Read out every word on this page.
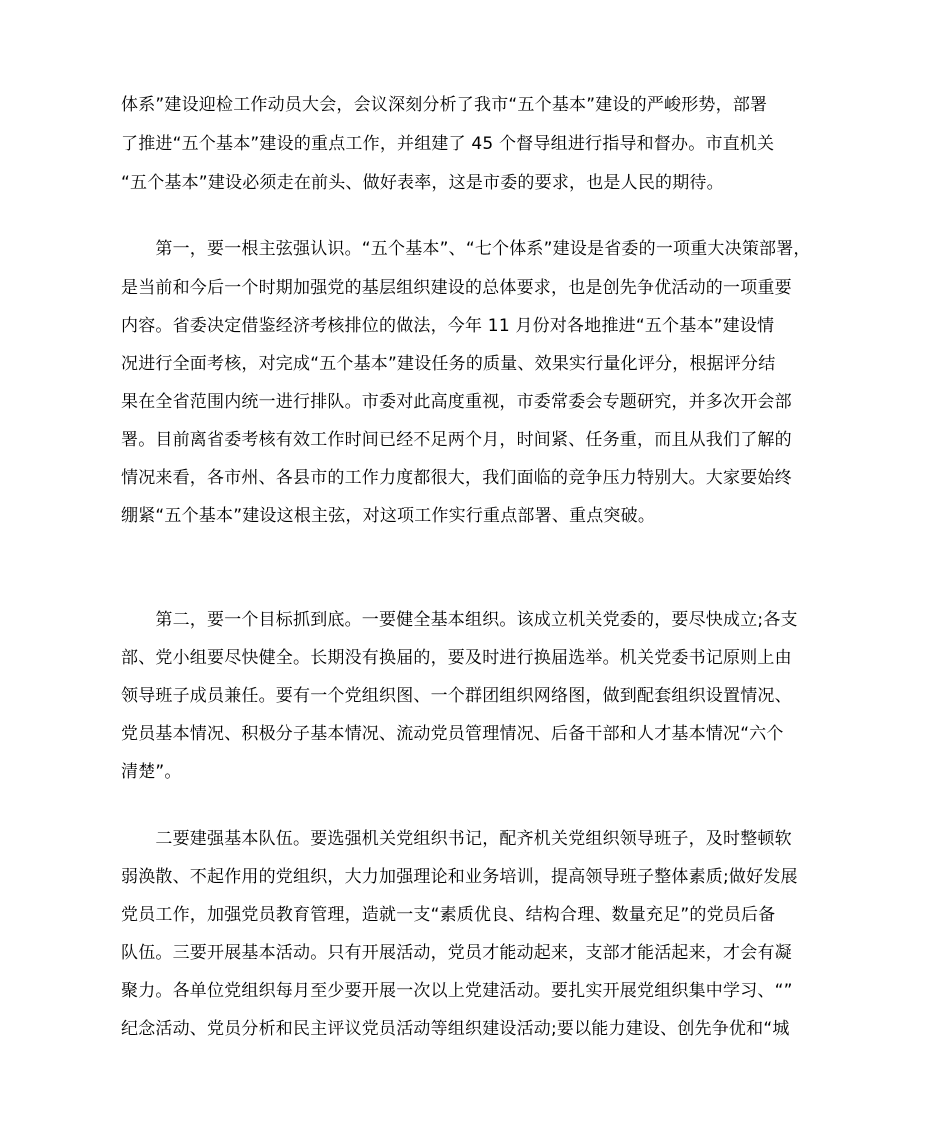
体系”建设迎检工作动员大会，会议深刻分析了我市“五个基本”建设的严峻形势，部署
了推进“五个基本”建设的重点工作，并组建了 45 个督导组进行指导和督办。市直机关
“五个基本”建设必须走在前头、做好表率，这是市委的要求，也是人民的期待。
　　第一，要一根主弦强认识。“五个基本”、“七个体系”建设是省委的一项重大决策部署，
是当前和今后一个时期加强党的基层组织建设的总体要求，也是创先争优活动的一项重要
内容。省委决定借鉴经济考核排位的做法，今年 11 月份对各地推进“五个基本”建设情
况进行全面考核，对完成“五个基本”建设任务的质量、效果实行量化评分，根据评分结
果在全省范围内统一进行排队。市委对此高度重视，市委常委会专题研究，并多次开会部
署。目前离省委考核有效工作时间已经不足两个月，时间紧、任务重，而且从我们了解的
情况来看，各市州、各县市的工作力度都很大，我们面临的竞争压力特别大。大家要始终
绷紧“五个基本”建设这根主弦，对这项工作实行重点部署、重点突破。
　　第二，要一个目标抓到底。一要健全基本组织。该成立机关党委的，要尽快成立;各支
部、党小组要尽快健全。长期没有换届的，要及时进行换届选举。机关党委书记原则上由
领导班子成员兼任。要有一个党组织图、一个群团组织网络图，做到配套组织设置情况、
党员基本情况、积极分子基本情况、流动党员管理情况、后备干部和人才基本情况“六个
清楚”。
　　二要建强基本队伍。要选强机关党组织书记，配齐机关党组织领导班子，及时整顿软
弱涣散、不起作用的党组织，大力加强理论和业务培训，提高领导班子整体素质;做好发展
党员工作，加强党员教育管理，造就一支“素质优良、结构合理、数量充足”的党员后备
队伍。三要开展基本活动。只有开展活动，党员才能动起来，支部才能活起来，才会有凝
聚力。各单位党组织每月至少要开展一次以上党建活动。要扎实开展党组织集中学习、“”
纪念活动、党员分析和民主评议党员活动等组织建设活动;要以能力建设、创先争优和“城
